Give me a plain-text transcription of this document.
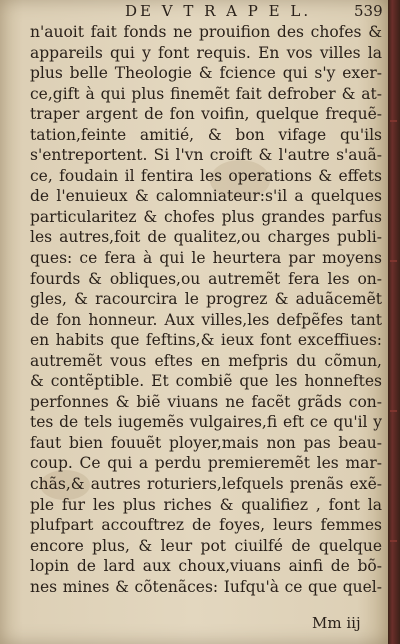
DE V T R A P E L.	539
n'auoit fait fonds ne prouifion des chofes &
appareils qui y font requis. En vos villes la
plus belle Theologie & fcience qui s'y exer-
ce,gift à qui plus finemẽt fait defrober & at-
traper argent de fon voifin, quelque frequẽ-
tation,feinte amitié, & bon vifage qu'ils
s'entreportent. Si l'vn croift & l'autre s'auã-
ce, foudain il fentira les operations & effets
de l'enuieux & calomniateur:s'il a quelques
particularitez & chofes plus grandes parfus
les autres,foit de qualitez,ou charges publi-
ques: ce fera à qui le heurtera par moyens
fourds & obliques,ou autremẽt fera les on-
gles, & racourcira le progrez & aduãcemẽt
de fon honneur. Aux villes,les defpẽfes tant
en habits que feftins,& ieux font exceffiues:
autremẽt vous eftes en mefpris du cõmun,
& contẽptible. Et combiẽ que les honneftes
perfonnes & biẽ viuans ne facẽt grãds con-
tes de tels iugemẽs vulgaires,fi eft ce qu'il y
faut bien fouuẽt ployer,mais non pas beau-
coup. Ce qui a perdu premieremẽt les mar-
chãs,& autres roturiers,lefquels prenãs exẽ-
ple fur les plus riches & qualifiez , font la
plufpart accouftrez de foyes, leurs femmes
encore plus, & leur pot ciuilfé de quelque
lopin de lard aux choux,viuans ainfi de bõ-
nes mines & cõtenãces: Iufqu'à ce que quel-
Mm iij
